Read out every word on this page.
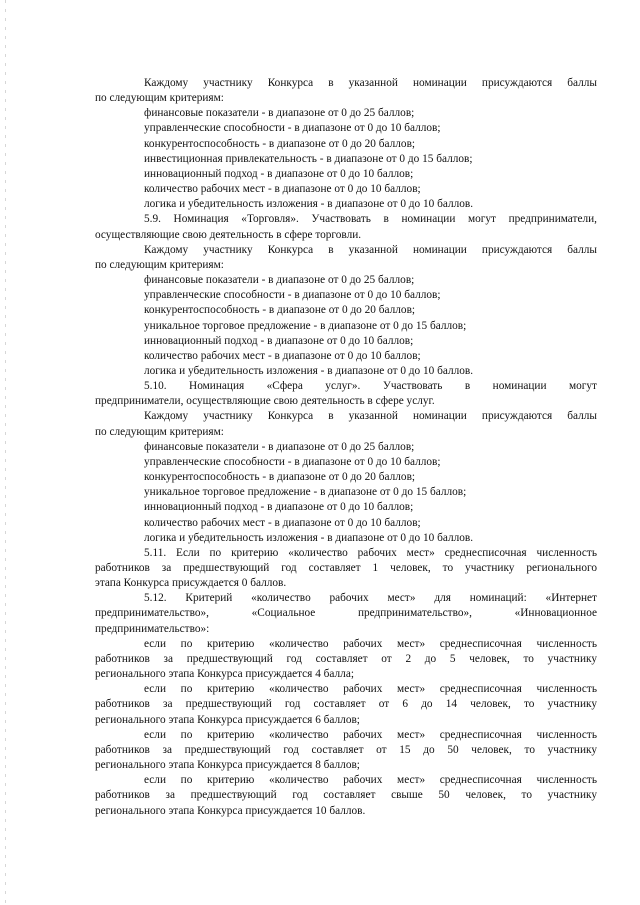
Каждому участнику Конкурса в указанной номинации присуждаются баллы

по следующим критериям:

финансовые показатели - в диапазоне от 0 до 25 баллов;

управленческие способности - в диапазоне от 0 до 10 баллов;

конкурентоспособность - в диапазоне от 0 до 20 баллов;

инвестиционная привлекательность - в диапазоне от 0 до 15 баллов;

инновационный подход - в диапазоне от 0 до 10 баллов;

количество рабочих мест - в диапазоне от 0 до 10 баллов;

логика и убедительность изложения - в диапазоне от 0 до 10 баллов.

5.9. Номинация «Торговля». Участвовать в номинации могут предприниматели,

осуществляющие свою деятельность в сфере торговли.

Каждому участнику Конкурса в указанной номинации присуждаются баллы

по следующим критериям:

финансовые показатели - в диапазоне от 0 до 25 баллов;

управленческие способности - в диапазоне от 0 до 10 баллов;

конкурентоспособность - в диапазоне от 0 до 20 баллов;

уникальное торговое предложение - в диапазоне от 0 до 15 баллов;

инновационный подход - в диапазоне от 0 до 10 баллов;

количество рабочих мест - в диапазоне от 0 до 10 баллов;

логика и убедительность изложения - в диапазоне от 0 до 10 баллов.

5.10. Номинация «Сфера услуг». Участвовать в номинации могут

предприниматели, осуществляющие свою деятельность в сфере услуг.

Каждому участнику Конкурса в указанной номинации присуждаются баллы

по следующим критериям:

финансовые показатели - в диапазоне от 0 до 25 баллов;

управленческие способности - в диапазоне от 0 до 10 баллов;

конкурентоспособность - в диапазоне от 0 до 20 баллов;

уникальное торговое предложение - в диапазоне от 0 до 15 баллов;

инновационный подход - в диапазоне от 0 до 10 баллов;

количество рабочих мест - в диапазоне от 0 до 10 баллов;

логика и убедительность изложения - в диапазоне от 0 до 10 баллов.

5.11. Если по критерию «количество рабочих мест» среднесписочная численность

работников за предшествующий год составляет 1 человек, то участнику регионального

этапа Конкурса присуждается 0 баллов.

5.12. Критерий «количество рабочих мест» для номинаций: «Интернет

предпринимательство», «Социальное предпринимательство», «Инновационное

предпринимательство»:

если по критерию «количество рабочих мест» среднесписочная численность

работников за предшествующий год составляет от 2 до 5 человек, то участнику

регионального этапа Конкурса присуждается 4 балла;

если по критерию «количество рабочих мест» среднесписочная численность

работников за предшествующий год составляет от 6 до 14 человек, то участнику

регионального этапа Конкурса присуждается 6 баллов;

если по критерию «количество рабочих мест» среднесписочная численность

работников за предшествующий год составляет от 15 до 50 человек, то участнику

регионального этапа Конкурса присуждается 8 баллов;

если по критерию «количество рабочих мест» среднесписочная численность

работников за предшествующий год составляет свыше 50 человек, то участнику

регионального этапа Конкурса присуждается 10 баллов.
